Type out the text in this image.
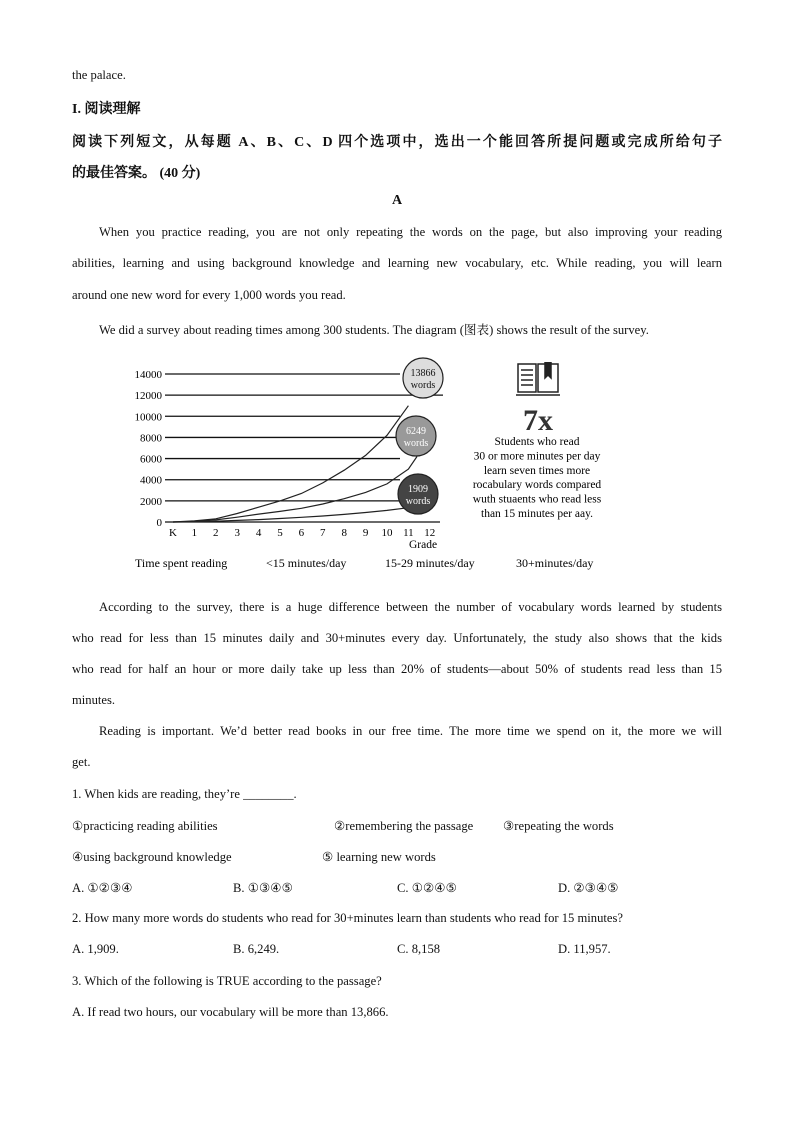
the palace.
I. 阅读理解
阅读下列短文，从每题 A、B、C、D 四个选项中，选出一个能回答所提问题或完成所给句子
的最佳答案。 (40 分)
A
When you practice reading, you are not only repeating the words on the page, but also improving your reading
abilities, learning and using background knowledge and learning new vocabulary, etc. While reading, you will learn
around one new word for every 1,000 words you read.
We did a survey about reading times among 300 students. The diagram (图表) shows the result of the survey.
14000
12000
10000
8000
6000
4000
2000
0
K 1 2 3 4 5 6 7 8 9 10 11 12
13866
words
6249
words
1909
words
Grade
7x
Students who read
30 or more minutes per day
learn seven times more
rocabulary words compared
wuth stuaents who read less
than 15 minutes per aay.
Time spent reading	<15 minutes/day	15-29 minutes/day	30+minutes/day
According to the survey, there is a huge difference between the number of vocabulary words learned by students
who read for less than 15 minutes daily and 30+minutes every day. Unfortunately, the study also shows that the kids
who read for half an hour or more daily take up less than 20% of students—about 50% of students read less than 15
minutes.
Reading is important. We’d better read books in our free time. The more time we spend on it, the more we will
get.
1. When kids are reading, they’re ________.
①practicing reading abilities	②remembering the passage ③repeating the words
④using background knowledge	⑤ learning new words
A. ①②③④	B. ①③④⑤	C. ①②④⑤	D. ②③④⑤
2. How many more words do students who read for 30+minutes learn than students who read for 15 minutes?
A. 1,909.	B. 6,249.	C. 8,158	D. 11,957.
3. Which of the following is TRUE according to the passage?
A. If read two hours, our vocabulary will be more than 13,866.
